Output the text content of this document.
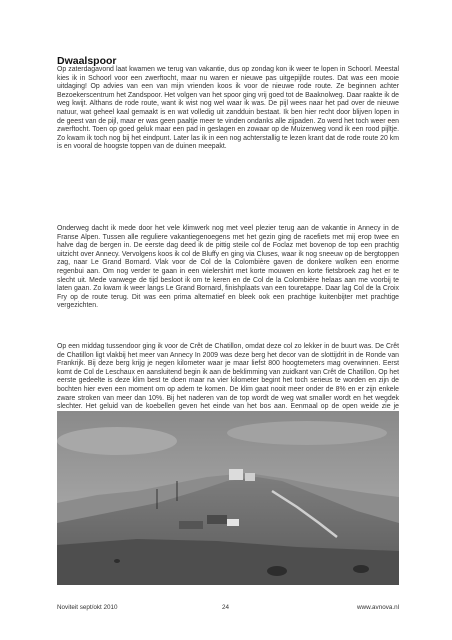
Dwaalspoor

Op zaterdagavond laat kwamen we terug van vakantie, dus op zondag kon ik weer te lopen in Schoorl. Meestal kies ik in Schoorl voor een zwerftocht, maar nu waren er nieuwe pas uitgepijlde routes. Dat was een mooie uitdaging! Op advies van een van mijn vrienden koos ik voor de nieuwe rode route. Ze beginnen achter Bezoekerscentrum het Zandspoor. Het volgen van het spoor ging vrij goed tot de Baaknolweg. Daar raakte ik de weg kwijt. Althans de rode route, want ik wist nog wel waar ik was. De pijl wees naar het pad over de nieuwe natuur, wat geheel kaal gemaakt is en wat volledig uit zandduin bestaat. Ik ben hier recht door blijven lopen in de geest van de pijl, maar er was geen paaltje meer te vinden ondanks alle zijpaden. Zo werd het toch weer een zwerftocht. Toen op goed geluk maar een pad in geslagen en zowaar op de Muizenweg vond ik een rood pijltje. Zo kwam ik toch nog bij het eindpunt. Later las ik in een nog achterstallig te lezen krant dat de rode route 20 km is en vooral de hoogste toppen van de duinen meepakt.

Onderweg dacht ik mede door het vele klimwerk nog met veel plezier terug aan de vakantie in Annecy in de Franse Alpen. Tussen alle reguliere vakantiegenoegens met het gezin ging de racefiets met mij erop twee en halve dag de bergen in. De eerste dag deed ik de pittig steile col de Foclaz met bovenop de top een prachtig uitzicht over Annecy. Vervolgens koos ik col de Bluffy en ging via Cluses, waar ik nog sneeuw op de bergtoppen zag, naar Le Grand Bornard. Vlak voor de Col de la Colombière gaven de donkere wolken een enorme regenbui aan. Om nog verder te gaan in een wielershirt met korte mouwen en korte fietsbroek zag het er te slecht uit. Mede vanwege de tijd besloot ik om te keren en de Col de la Colombière helaas aan me voorbij te laten gaan. Zo kwam ik weer langs Le Grand Bornard, finishplaats van een touretappe. Daar lag Col de la Croix Fry op de route terug. Dit was een prima alternatief en bleek ook een prachtige kuitenbijter met prachtige vergezichten.

Op een middag tussendoor ging ik voor de Crêt de Chatillon, omdat deze col zo lekker in de buurt was. De Crêt de Chatillon ligt vlakbij het meer van Annecy In 2009 was deze berg het decor van de slottijdrit in de Ronde van Frankrijk. Bij deze berg krijg je negen kilometer waar je maar liefst 800 hoogtemeters mag overwinnen. Eerst komt de Col de Leschaux en aansluitend begin ik aan de beklimming van zuidkant van Crêt de Chatillon. Op het eerste gedeelte is deze klim best te doen maar na vier kilometer begint het toch serieus te worden en zijn de bochten hier even een moment om op adem te komen. De klim gaat nooit meer onder de 8% en er zijn enkele zware stroken van meer dan 10%. Bij het naderen van de top wordt de weg wat smaller wordt en het wegdek slechter. Het geluid van de koebellen geven het einde van het bos aan. Eenmaal op de open weide zie je

Noviteit sept/okt 2010	24	www.avnova.nl
